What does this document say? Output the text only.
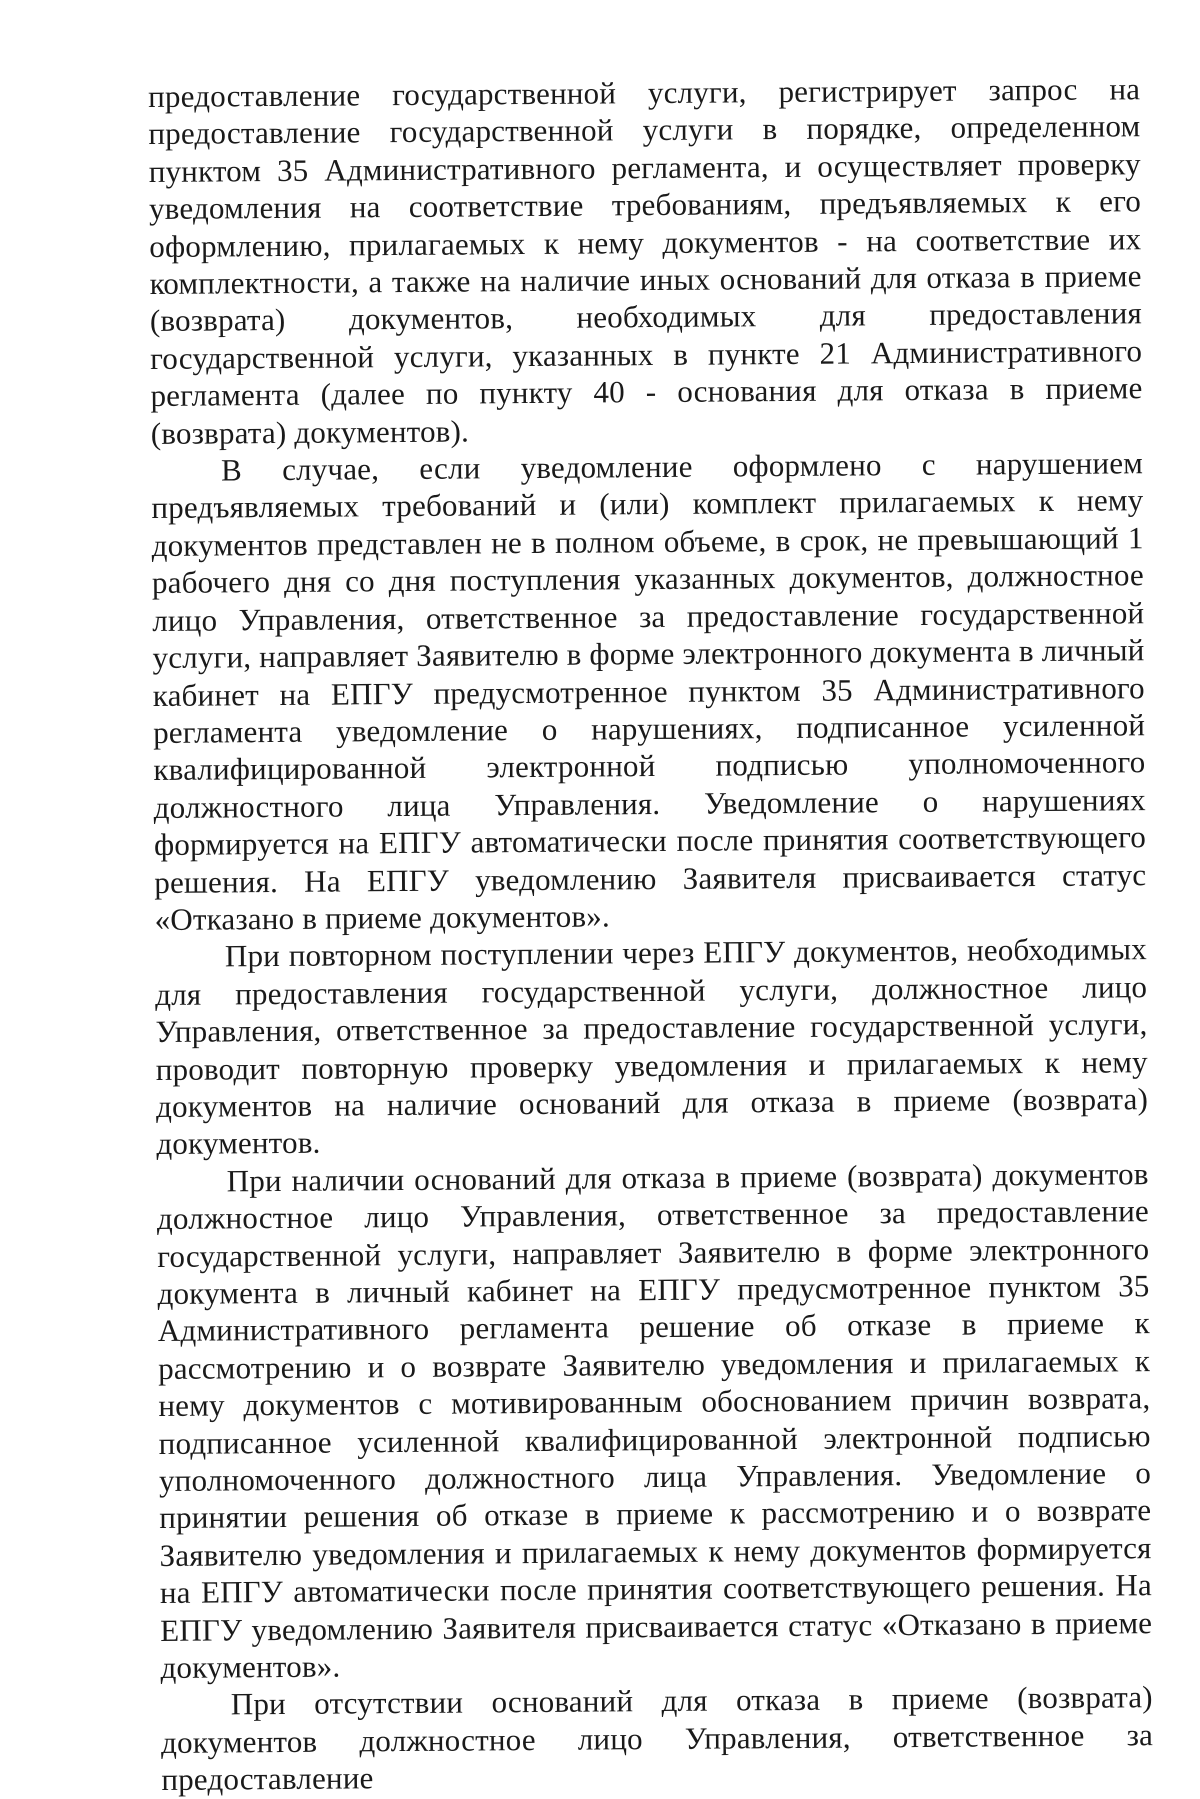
предоставление государственной услуги, регистрирует запрос на предоставление государственной услуги в порядке, определенном пунктом 35 Административного регламента, и осуществляет проверку уведомления на соответствие требованиям, предъявляемых к его оформлению, прилагаемых к нему документов - на соответствие их комплектности, а также на наличие иных оснований для отказа в приеме (возврата) документов, необходимых для предоставления государственной услуги, указанных в пункте 21 Административного регламента (далее по пункту 40 - основания для отказа в приеме (возврата) документов).

В случае, если уведомление оформлено с нарушением предъявляемых требований и (или) комплект прилагаемых к нему документов представлен не в полном объеме, в срок, не превышающий 1 рабочего дня со дня поступления указанных документов, должностное лицо Управления, ответственное за предоставление государственной услуги, направляет Заявителю в форме электронного документа в личный кабинет на ЕПГУ предусмотренное пунктом 35 Административного регламента уведомление о нарушениях, подписанное усиленной квалифицированной электронной подписью уполномоченного должностного лица Управления. Уведомление о нарушениях формируется на ЕПГУ автоматически после принятия соответствующего решения. На ЕПГУ уведомлению Заявителя присваивается статус «Отказано в приеме документов».

При повторном поступлении через ЕПГУ документов, необходимых для предоставления государственной услуги, должностное лицо Управления, ответственное за предоставление государственной услуги, проводит повторную проверку уведомления и прилагаемых к нему документов на наличие оснований для отказа в приеме (возврата) документов.

При наличии оснований для отказа в приеме (возврата) документов должностное лицо Управления, ответственное за предоставление государственной услуги, направляет Заявителю в форме электронного документа в личный кабинет на ЕПГУ предусмотренное пунктом 35 Административного регламента решение об отказе в приеме к рассмотрению и о возврате Заявителю уведомления и прилагаемых к нему документов с мотивированным обоснованием причин возврата, подписанное усиленной квалифицированной электронной подписью уполномоченного должностного лица Управления. Уведомление о принятии решения об отказе в приеме к рассмотрению и о возврате Заявителю уведомления и прилагаемых к нему документов формируется на ЕПГУ автоматически после принятия соответствующего решения. На ЕПГУ уведомлению Заявителя присваивается статус «Отказано в приеме документов».

При отсутствии оснований для отказа в приеме (возврата) документов должностное лицо Управления, ответственное за предоставление
